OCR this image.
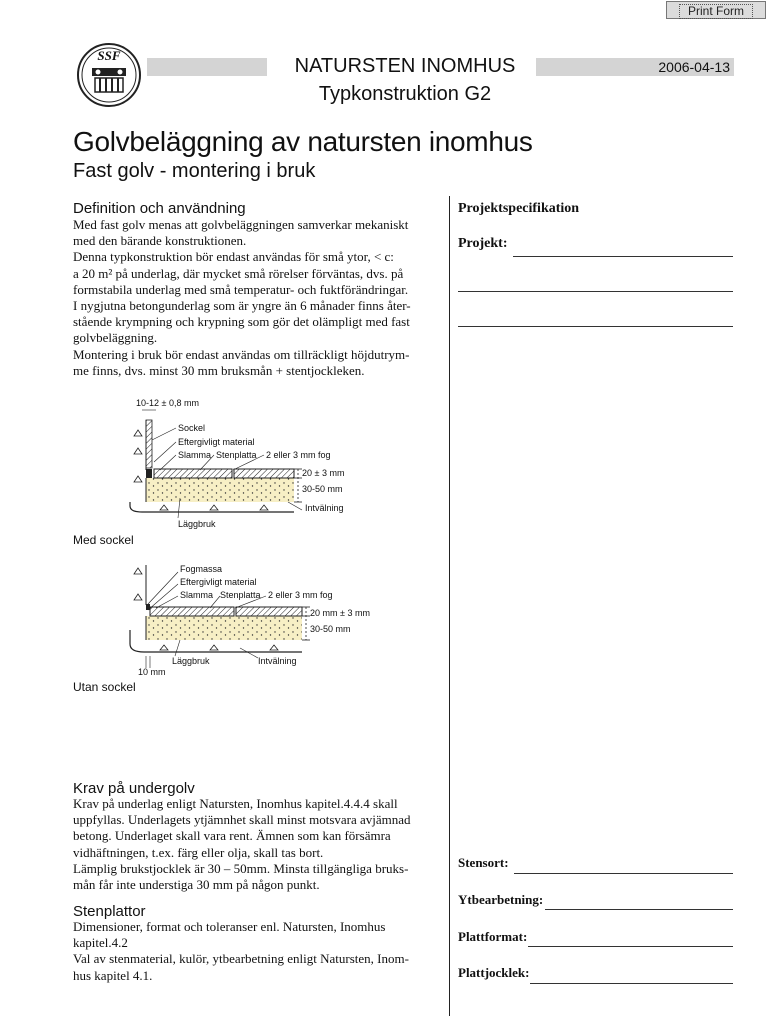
Print Form
SSF	NATURSTEN INOMHUS
Typkonstruktion G2
2006-04-13
Golvbeläggning av natursten inomhus
Fast golv - montering i bruk
Definition och användning
Med fast golv menas att golvbeläggningen samverkar mekaniskt
med den bärande konstruktionen.
Denna typkonstruktion bör endast användas för små ytor, < c:
a 20 m² på underlag, där mycket små rörelser förväntas, dvs. på
formstabila underlag med små temperatur- och fuktförändringar.
I nygjutna betongunderlag som är yngre än 6 månader finns åter-
stående krympning och krypning som gör det olämpligt med fast
golvbeläggning.
Montering i bruk bör endast användas om tillräckligt höjdutrym-
me finns, dvs. minst 30 mm bruksmån + stentjockleken.
10-12 ± 0,8 mm
Sockel
Eftergivligt material
Slamma Stenplatta 2 eller 3 mm fog
20 ± 3 mm
30-50 mm
Intvälning
Läggbruk
Med sockel
Fogmassa
Eftergivligt material
Slamma Stenplatta 2 eller 3 mm fog
20 mm ± 3 mm
30-50 mm
Läggbruk	Intvälning
10 mm
Utan sockel
Krav på undergolv
Krav på underlag enligt Natursten, Inomhus kapitel.4.4.4 skall
uppfyllas. Underlagets ytjämnhet skall minst motsvara avjämnad
betong. Underlaget skall vara rent. Ämnen som kan försämra
vidhäftningen, t.ex. färg eller olja, skall tas bort.
Lämplig brukstjocklek är 30 – 50mm. Minsta tillgängliga bruks-
mån får inte understiga 30 mm på någon punkt.
Stenplattor
Dimensioner, format och toleranser enl. Natursten, Inomhus
kapitel.4.2
Val av stenmaterial, kulör, ytbearbetning enligt Natursten, Inom-
hus kapitel 4.1.
Projektspecifikation
Projekt:
Stensort:
Ytbearbetning:
Plattformat:
Plattjocklek:
